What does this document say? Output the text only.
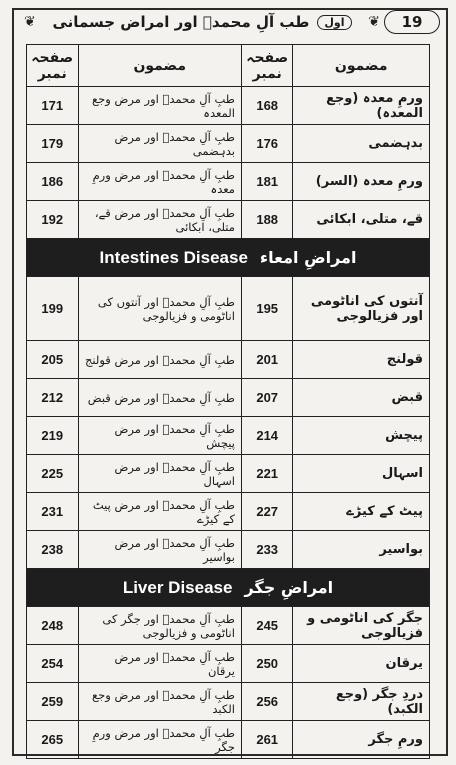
❦	اول
طب آلِ محمدؐ اور امراض جسمانی	❦	19
مضمون	صفحہ نمبر	مضمون	صفحہ نمبر
ورمِ معدہ (وجع المعدہ)	168	طبِ آلِ محمدؐ اور مرض وجع المعدہ	171
بدہضمی	176	طبِ آلِ محمدؐ اور مرض بدہضمی	179
ورمِ معدہ (السر)	181	طبِ آلِ محمدؐ اور مرض ورمِ معدہ	186
قے، متلی، ابکائی	188	طبِ آلِ محمدؐ اور مرض قے، متلی، ابکائی	192

Intestines Disease امراضِ امعاء			

آنتوں کی اناٹومی اور فزیالوجی	195	طبِ آلِ محمدؐ اور آنتوں کی اناٹومی و فزیالوجی	199
قولنج	201	طبِ آلِ محمدؐ اور مرض قولنج	205
قبض	207	طبِ آلِ محمدؐ اور مرض قبض	212
پیچش	214	طبِ آلِ محمدؐ اور مرض پیچش	219
اسہال	221	طبِ آلِ محمدؐ اور مرض اسہال	225
پیٹ کے کیڑے	227	طبِ آلِ محمدؐ اور مرض پیٹ کے کیڑے	231
بواسیر	233	طبِ آلِ محمدؐ اور مرض بواسیر	238

Liver Disease امراضِ جگر			

جگر کی اناٹومی و فزیالوجی	245	طبِ آلِ محمدؐ اور جگر کی اناٹومی و فزیالوجی	248
یرقان	250	طبِ آلِ محمدؐ اور مرض یرقان	254
دردِ جگر (وجع الکبد)	256	طبِ آلِ محمدؐ اور مرض وجع الکبد	259
ورمِ جگر	261	طبِ آلِ محمدؐ اور مرض ورمِ جگر	265
